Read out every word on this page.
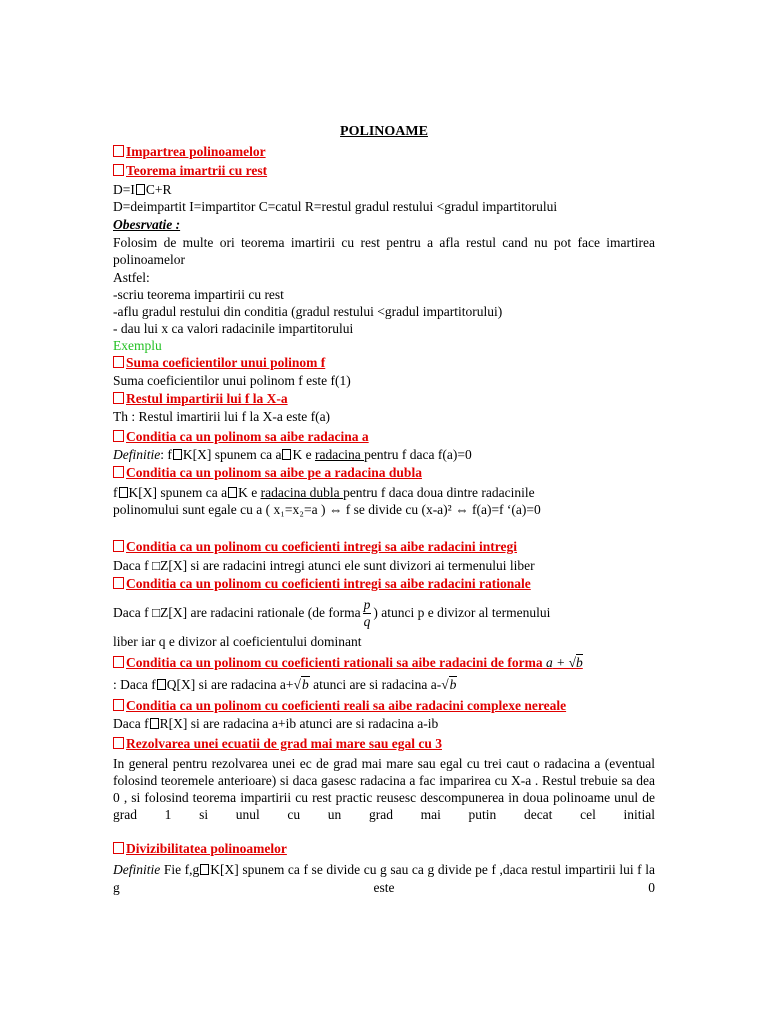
POLINOAME
Impartrea polinoamelor
Teorema imartrii cu rest
D=I C+R
D=deimpartit I=impartitor C=catul R=restul gradul restului <gradul impartitorului
Obesrvatie :
Folosim de multe ori teorema imartirii cu rest pentru a afla restul cand nu pot face imartirea polinoamelor
Astfel:
-scriu teorema impartirii cu rest
-aflu gradul restului din conditia (gradul restului <gradul impartitorului)
- dau lui x ca valori radacinile impartitorului
Exemplu
Suma coeficientilor unui polinom f
Suma coeficientilor unui polinom f este f(1)
Restul impartirii lui f la X-a
Th : Restul imartirii lui f la X-a este f(a)
Conditia ca un polinom sa aibe radacina a
Definitie: f K[X] spunem ca a K e radacina pentru f daca f(a)=0
Conditia ca un polinom sa aibe pe a radacina dubla
f K[X] spunem ca a K e radacina dubla pentru f daca doua dintre radacinile
polinomului sunt egale cu a ( x₁=x₂=a ) ⇔ f se divide cu (x-a)² ⇔ f(a)=f ‘(a)=0
Conditia ca un polinom cu coeficienti intregi sa aibe radacini intregi
Daca f □Z[X] si are radacini intregi atunci ele sunt divizori ai termenului liber
Conditia ca un polinom cu coeficienti intregi sa aibe radacini rationale
Daca f □Z[X] are radacini rationale (de forma $\frac{p}{q}$ ) atunci p e divizor al termenului
liber iar q e divizor al coeficientului dominant
Conditia ca un polinom cu coeficienti rationali sa aibe radacini de forma a + √b
: Daca f Q[X] si are radacina a+√b atunci are si radacina a-√b
Conditia ca un polinom cu coeficienti reali sa aibe radacini complexe nereale
Daca f R[X] si are radacina a+ib atunci are si radacina a-ib
Rezolvarea unei ecuatii de grad mai mare sau egal cu 3
In general pentru rezolvarea unei ec de grad mai mare sau egal cu trei caut o radacina a (eventual folosind teoremele anterioare) si daca gasesc radacina a fac imparirea cu X-a . Restul trebuie sa dea 0 , si folosind teorema impartirii cu rest practic reusesc descompunerea in doua polinoame unul de grad 1 si unul cu un grad mai putin decat cel initial
Divizibilitatea polinoamelor
Definitie Fie f,g K[X] spunem ca f se divide cu g sau ca g divide pe f ,daca restul impartirii lui f la g este 0
